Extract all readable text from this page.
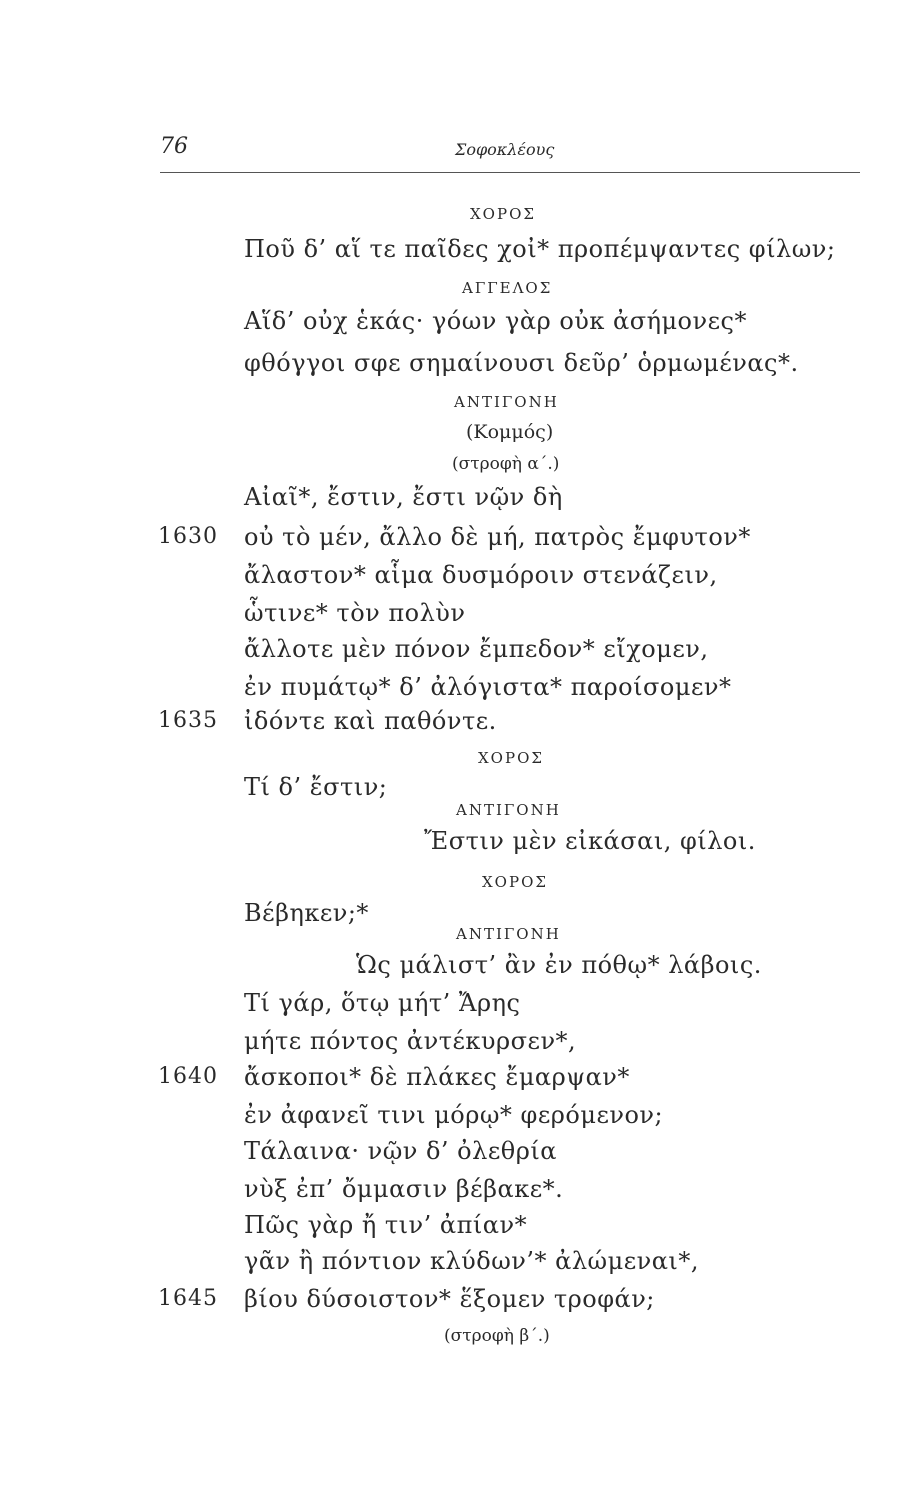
76	Σοφοκλέους
ΧΟΡΟΣ
Ποῦ δ’ αἵ τε παῖδες χοἰ* προπέμψαντες φίλων;
ΑΓΓΕΛΟΣ
Αἵδ’ οὐχ ἑκάς· γόων γὰρ οὐκ ἀσήμονες*
φθόγγοι σφε σημαίνουσι δεῦρ’ ὁρμωμένας*.
ΑΝΤΙΓΟΝΗ
(Κομμός)
(στροφὴ α΄.)
Αἰαῖ*, ἔστιν, ἔστι νῷν δὴ
1630 οὐ τὸ μέν, ἄλλο δὲ μή, πατρὸς ἔμφυτον*
ἄλαστον* αἷμα δυσμόροιν στενάζειν,
ὧτινε* τὸν πολὺν
ἄλλοτε μὲν πόνον ἔμπεδον* εἴχομεν,
ἐν πυμάτῳ* δ’ ἀλόγιστα* παροίσομεν*
1635 ἰδόντε καὶ παθόντε.
ΧΟΡΟΣ
Τί δ’ ἔστιν;
ΑΝΤΙΓΟΝΗ
Ἔστιν μὲν εἰκάσαι, φίλοι.
ΧΟΡΟΣ
Βέβηκεν;*
ΑΝΤΙΓΟΝΗ
Ὡς μάλιστ’ ἂν ἐν πόθῳ* λάβοις.
Τί γάρ, ὅτῳ μήτ’ Ἄρης
μήτε πόντος ἀντέκυρσεν*,
1640 ἄσκοποι* δὲ πλάκες ἔμαρψαν*
ἐν ἀφανεῖ τινι μόρῳ* φερόμενον;
Τάλαινα· νῷν δ’ ὀλεθρία
νὺξ ἐπ’ ὄμμασιν βέβακε*.
Πῶς γὰρ ἤ τιν’ ἀπίαν*
γᾶν ἢ πόντιον κλύδων’* ἀλώμεναι*,
1645 βίου δύσοιστον* ἕξομεν τροφάν;
(στροφὴ β΄.)
